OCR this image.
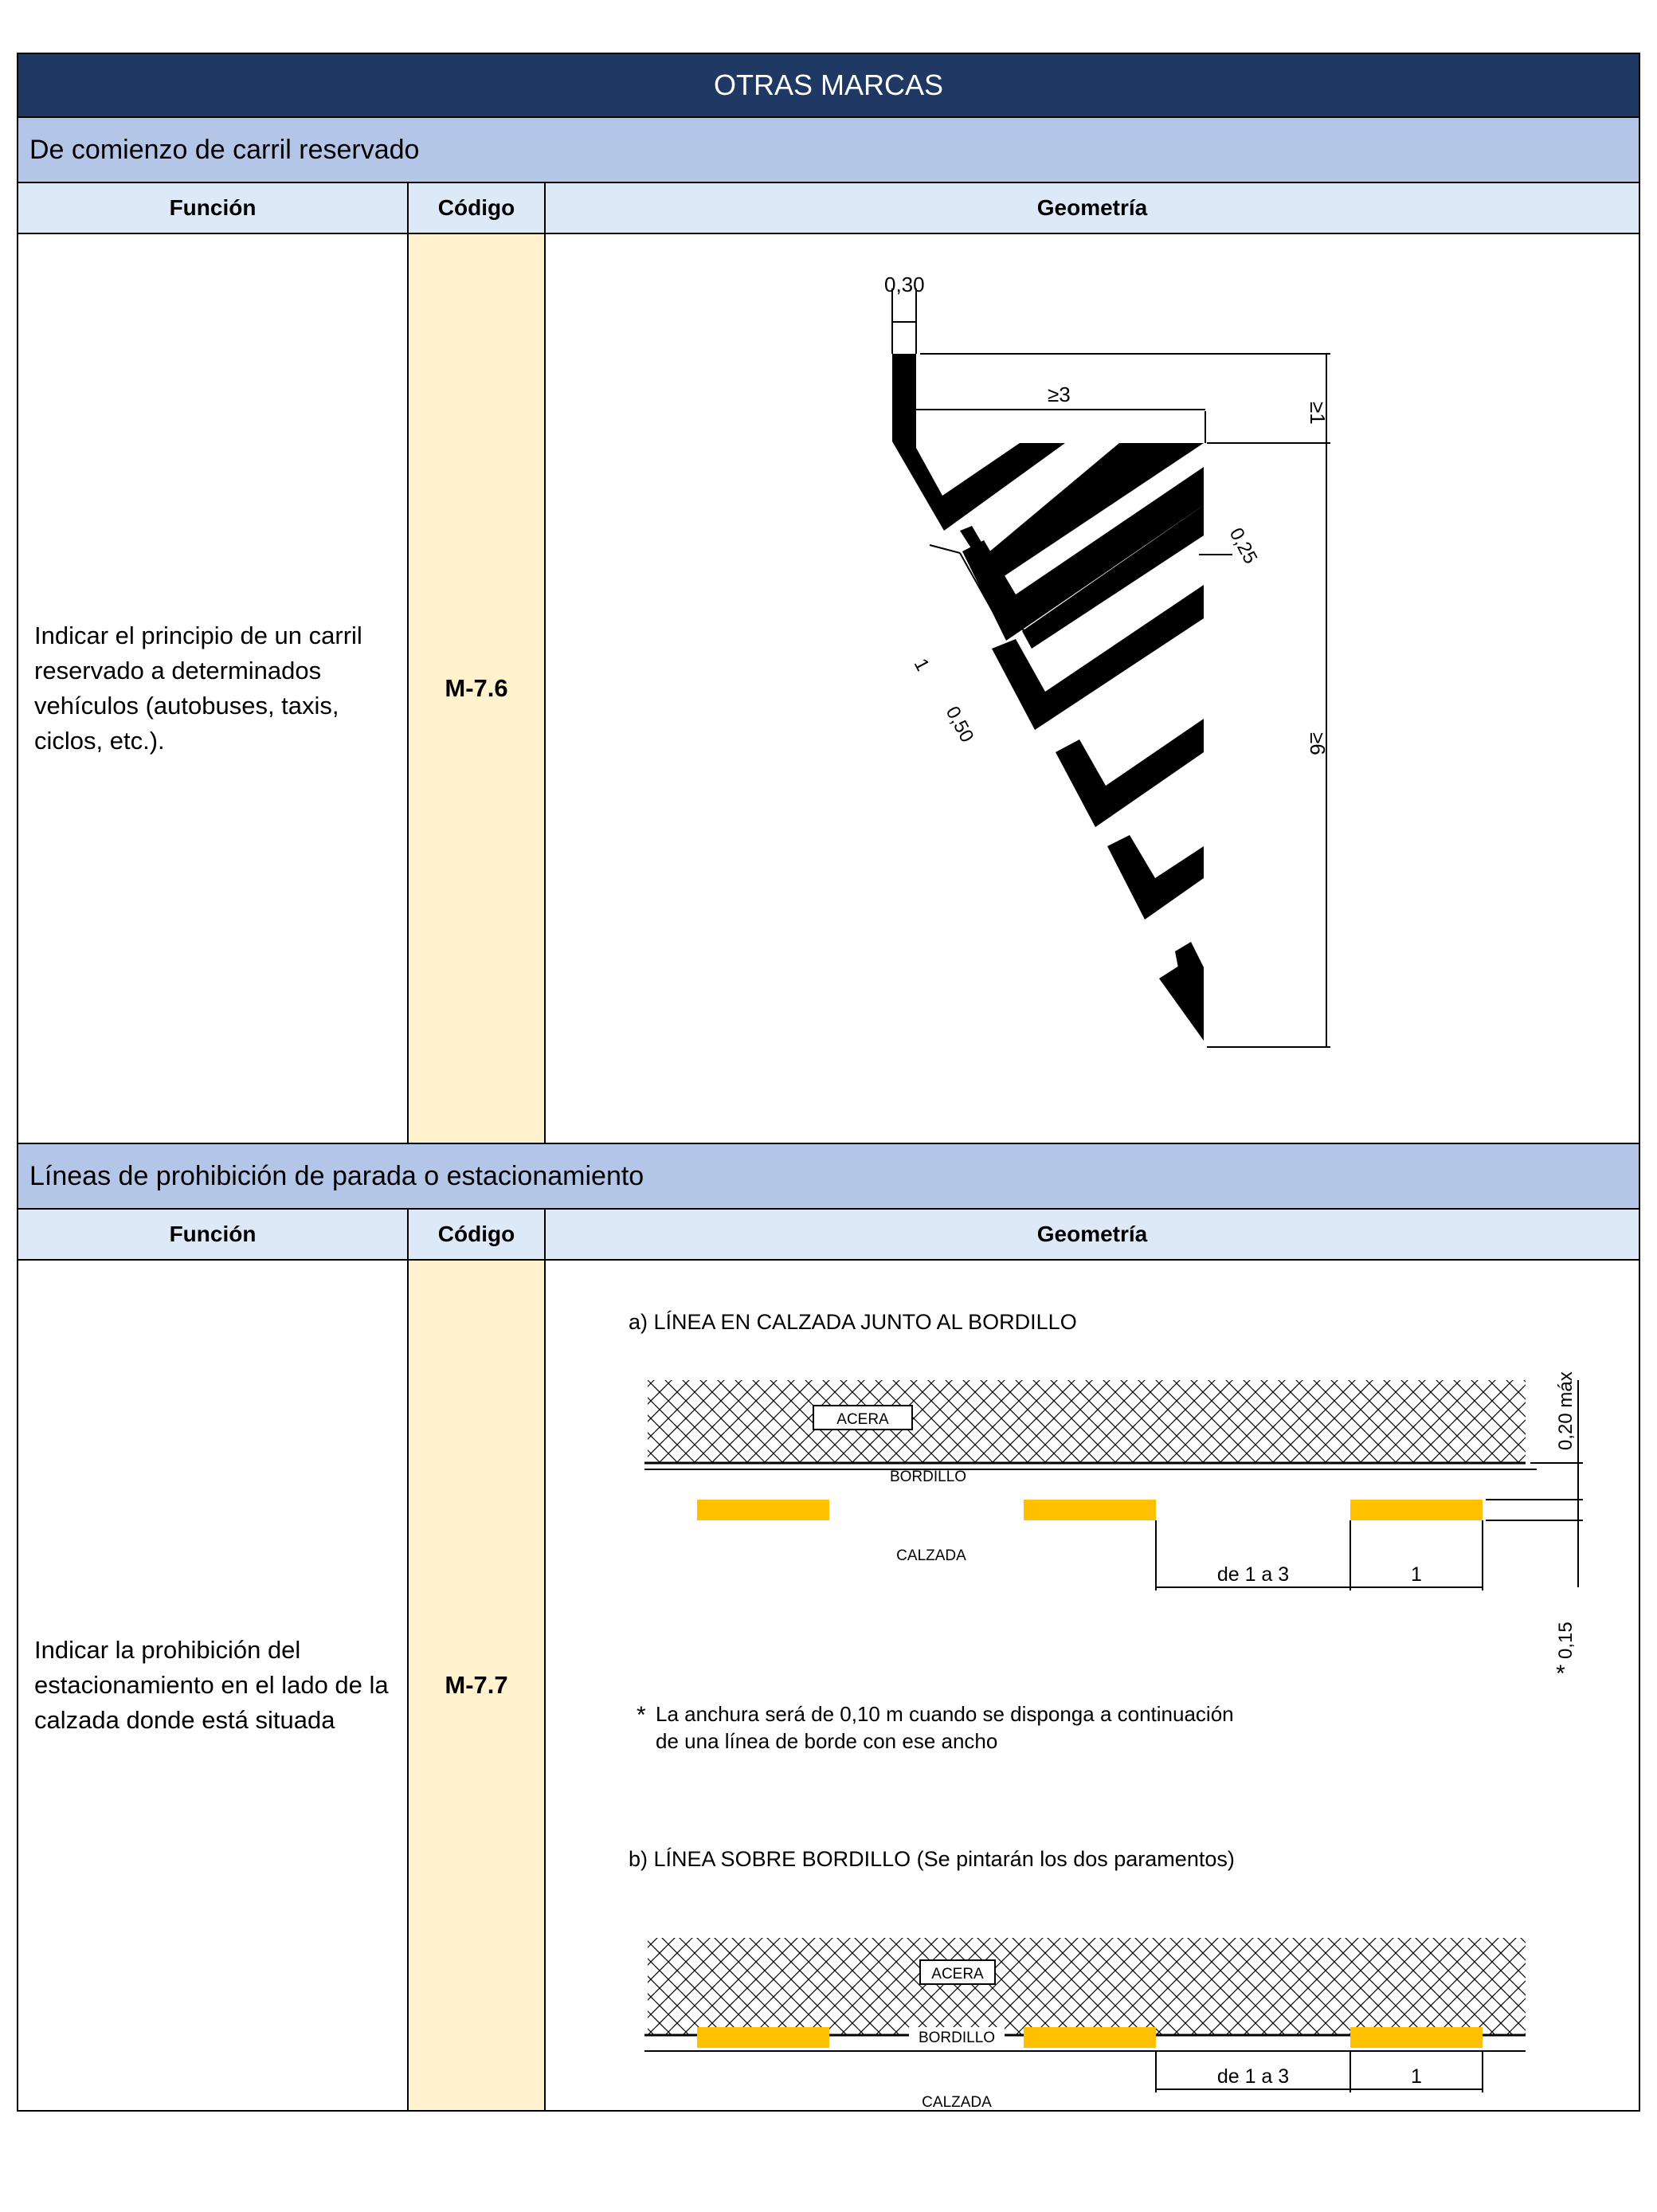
OTRAS MARCAS
De comienzo de carril reservado
Función	Código	Geometría
Indicar el principio de un carril reservado a determinados vehículos (autobuses, taxis, ciclos, etc.).
M-7.6
0,30
≥3
≥1
≥6
0,25
1
0,50
Líneas de prohibición de parada o estacionamiento
Función	Código	Geometría
Indicar la prohibición del estacionamiento en el lado de la calzada donde está situada
M-7.7
a) LÍNEA EN CALZADA JUNTO AL BORDILLO
ACERA
BORDILLO
CALZADA
de 1 a 3	1
0,20 máx
0,15
*
* La anchura será de 0,10 m cuando se disponga a continuación
de una línea de borde con ese ancho
b) LÍNEA SOBRE BORDILLO (Se pintarán los dos paramentos)
ACERA
BORDILLO
de 1 a 3	1
CALZADA
